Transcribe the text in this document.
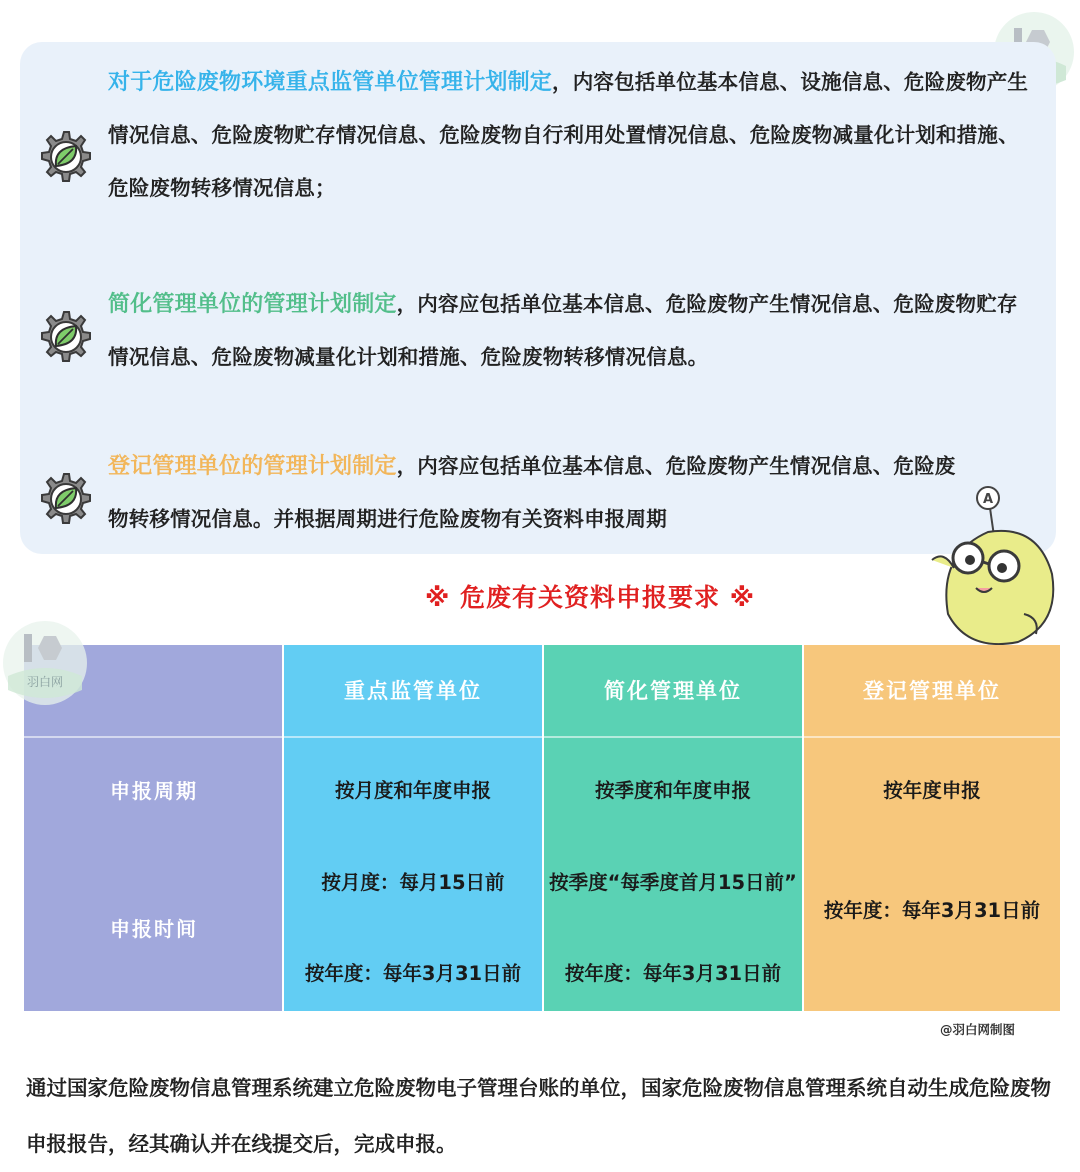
对于危险废物环境重点监管单位管理计划制定，内容包括单位基本信息、设施信息、危险废物产生情况信息、危险废物贮存情况信息、危险废物自行利用处置情况信息、危险废物减量化计划和措施、危险废物转移情况信息；

简化管理单位的管理计划制定，内容应包括单位基本信息、危险废物产生情况信息、危险废物贮存情况信息、危险废物减量化计划和措施、危险废物转移情况信息。

登记管理单位的管理计划制定，内容应包括单位基本信息、危险废物产生情况信息、危险废物转移情况信息。并根据周期进行危险废物有关资料申报周期

A
※ 危废有关资料申报要求 ※
申报周期
申报时间
重点监管单位
按月度和年度申报
按月度：每月15日前
按年度：每年3月31日前
简化管理单位
按季度和年度申报
按季度“每季度首月15日前”
按年度：每年3月31日前
登记管理单位
按年度申报
按年度：每年3月31日前
羽白网
@羽白网制图

通过国家危险废物信息管理系统建立危险废物电子管理台账的单位，国家危险废物信息管理系统自动生成危险废物申报报告，经其确认并在线提交后，完成申报。
